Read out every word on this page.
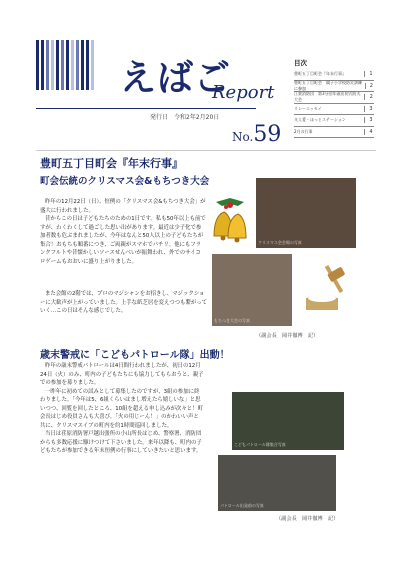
えばご
Report
発行日　令和2年2月20日
No.59
目次
豊町五丁目町会『年末行事』	1
豊町五丁目町会　親子小学校防災訓練に参加	2
江東消防団　第3分団年頭出初式防火大会	2
リレーエッセイ	3
支え愛・ほっとステーション	3
2月の行事	4
豊町五丁目町会『年末行事』
町会伝統のクリスマス会&もちつき大会

昨年の12月22日（日）、恒例の「クリスマス会&もちつき大会」が盛大に行われました。

昔からこの日は子どもたちのための1日です。私も50年以上も前ですが、わくわくして過ごした思い出があります。最近は少子化で参加者数も危ぶまれましたが、今年はなんと50人以上の子どもたちが集合！おもちも順番につき、ご両親がスマホでパチリ。他にもフランクフルトや昔懐かしいソースせんべいが振舞われ、外でのサイコロゲームもおおいに盛り上がりました。

また会館の2階では、プロのマジシャンをお招きし、マジックショーに大歓声が上がっていました。上手な紙芝居を変えつつも繋がっていく…この日はそんな感じでした。

クリスマス会会場の写真
もちつき大会の写真
（副会長　岡井徹博　記）
歳末警戒に「こどもパトロール隊」出動！

昨年の歳末警戒パトロールは4日間行われましたが、初日の12月24日（火）のみ、町内の子どもたちにも協力してもらおうと、親子での参加を募りました。

一昨年に初めての試みとして募集したのですが、3組の参加に終わりました。「今年は5、6組くらいはまし増えたら嬉しいな」と思いつつ、回覧を回したところ、10組を超える申し込みが次々と！町会長はじめ役員さんも大喜び。「火の用じーん！」のかわいい声と共に、クリスマスイブの町内を約1時間巡回しました。

当日は荏原消防署戸越出張所の小山所長はじめ、警察署、消防団からも多数応援に駆けつけて下さいました。来年以降も、町内の子どもたちが参加できる年末恒例の行事にしていきたいと思います。

こどもパトロール隊集合写真
パトロール出発前の写真
（副会長　岡井徹博　記）
